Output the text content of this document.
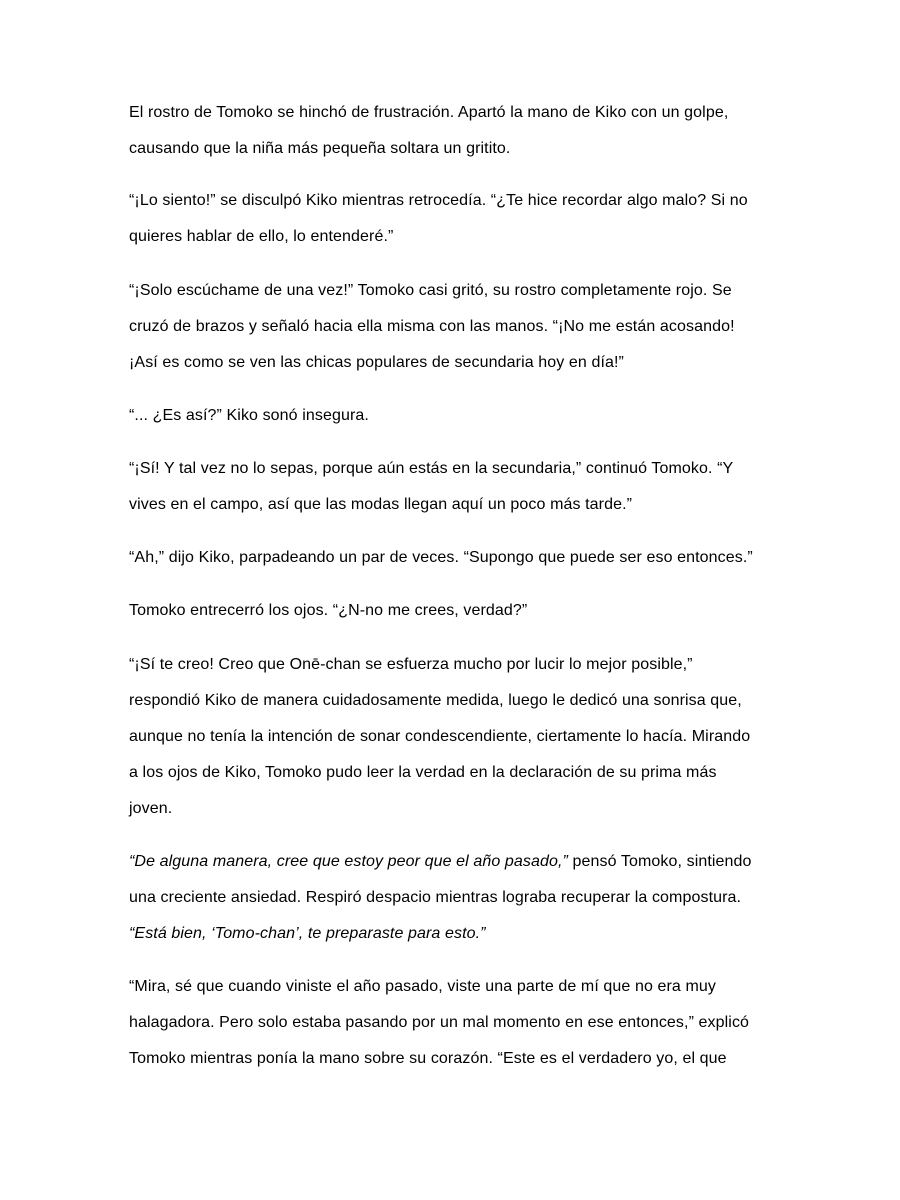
El rostro de Tomoko se hinchó de frustración. Apartó la mano de Kiko con un golpe,
causando que la niña más pequeña soltara un gritito.

“¡Lo siento!” se disculpó Kiko mientras retrocedía. “¿Te hice recordar algo malo? Si no
quieres hablar de ello, lo entenderé.”

“¡Solo escúchame de una vez!” Tomoko casi gritó, su rostro completamente rojo. Se
cruzó de brazos y señaló hacia ella misma con las manos. “¡No me están acosando!
¡Así es como se ven las chicas populares de secundaria hoy en día!”

“... ¿Es así?” Kiko sonó insegura.

“¡Sí! Y tal vez no lo sepas, porque aún estás en la secundaria,” continuó Tomoko. “Y
vives en el campo, así que las modas llegan aquí un poco más tarde.”

“Ah,” dijo Kiko, parpadeando un par de veces. “Supongo que puede ser eso entonces.”

Tomoko entrecerró los ojos. “¿N-no me crees, verdad?”

“¡Sí te creo! Creo que Onē-chan se esfuerza mucho por lucir lo mejor posible,”
respondió Kiko de manera cuidadosamente medida, luego le dedicó una sonrisa que,
aunque no tenía la intención de sonar condescendiente, ciertamente lo hacía. Mirando
a los ojos de Kiko, Tomoko pudo leer la verdad en la declaración de su prima más
joven.

“De alguna manera, cree que estoy peor que el año pasado,” pensó Tomoko, sintiendo
una creciente ansiedad. Respiró despacio mientras lograba recuperar la compostura.
“Está bien, ‘Tomo-chan’, te preparaste para esto.”

“Mira, sé que cuando viniste el año pasado, viste una parte de mí que no era muy
halagadora. Pero solo estaba pasando por un mal momento en ese entonces,” explicó
Tomoko mientras ponía la mano sobre su corazón. “Este es el verdadero yo, el que
